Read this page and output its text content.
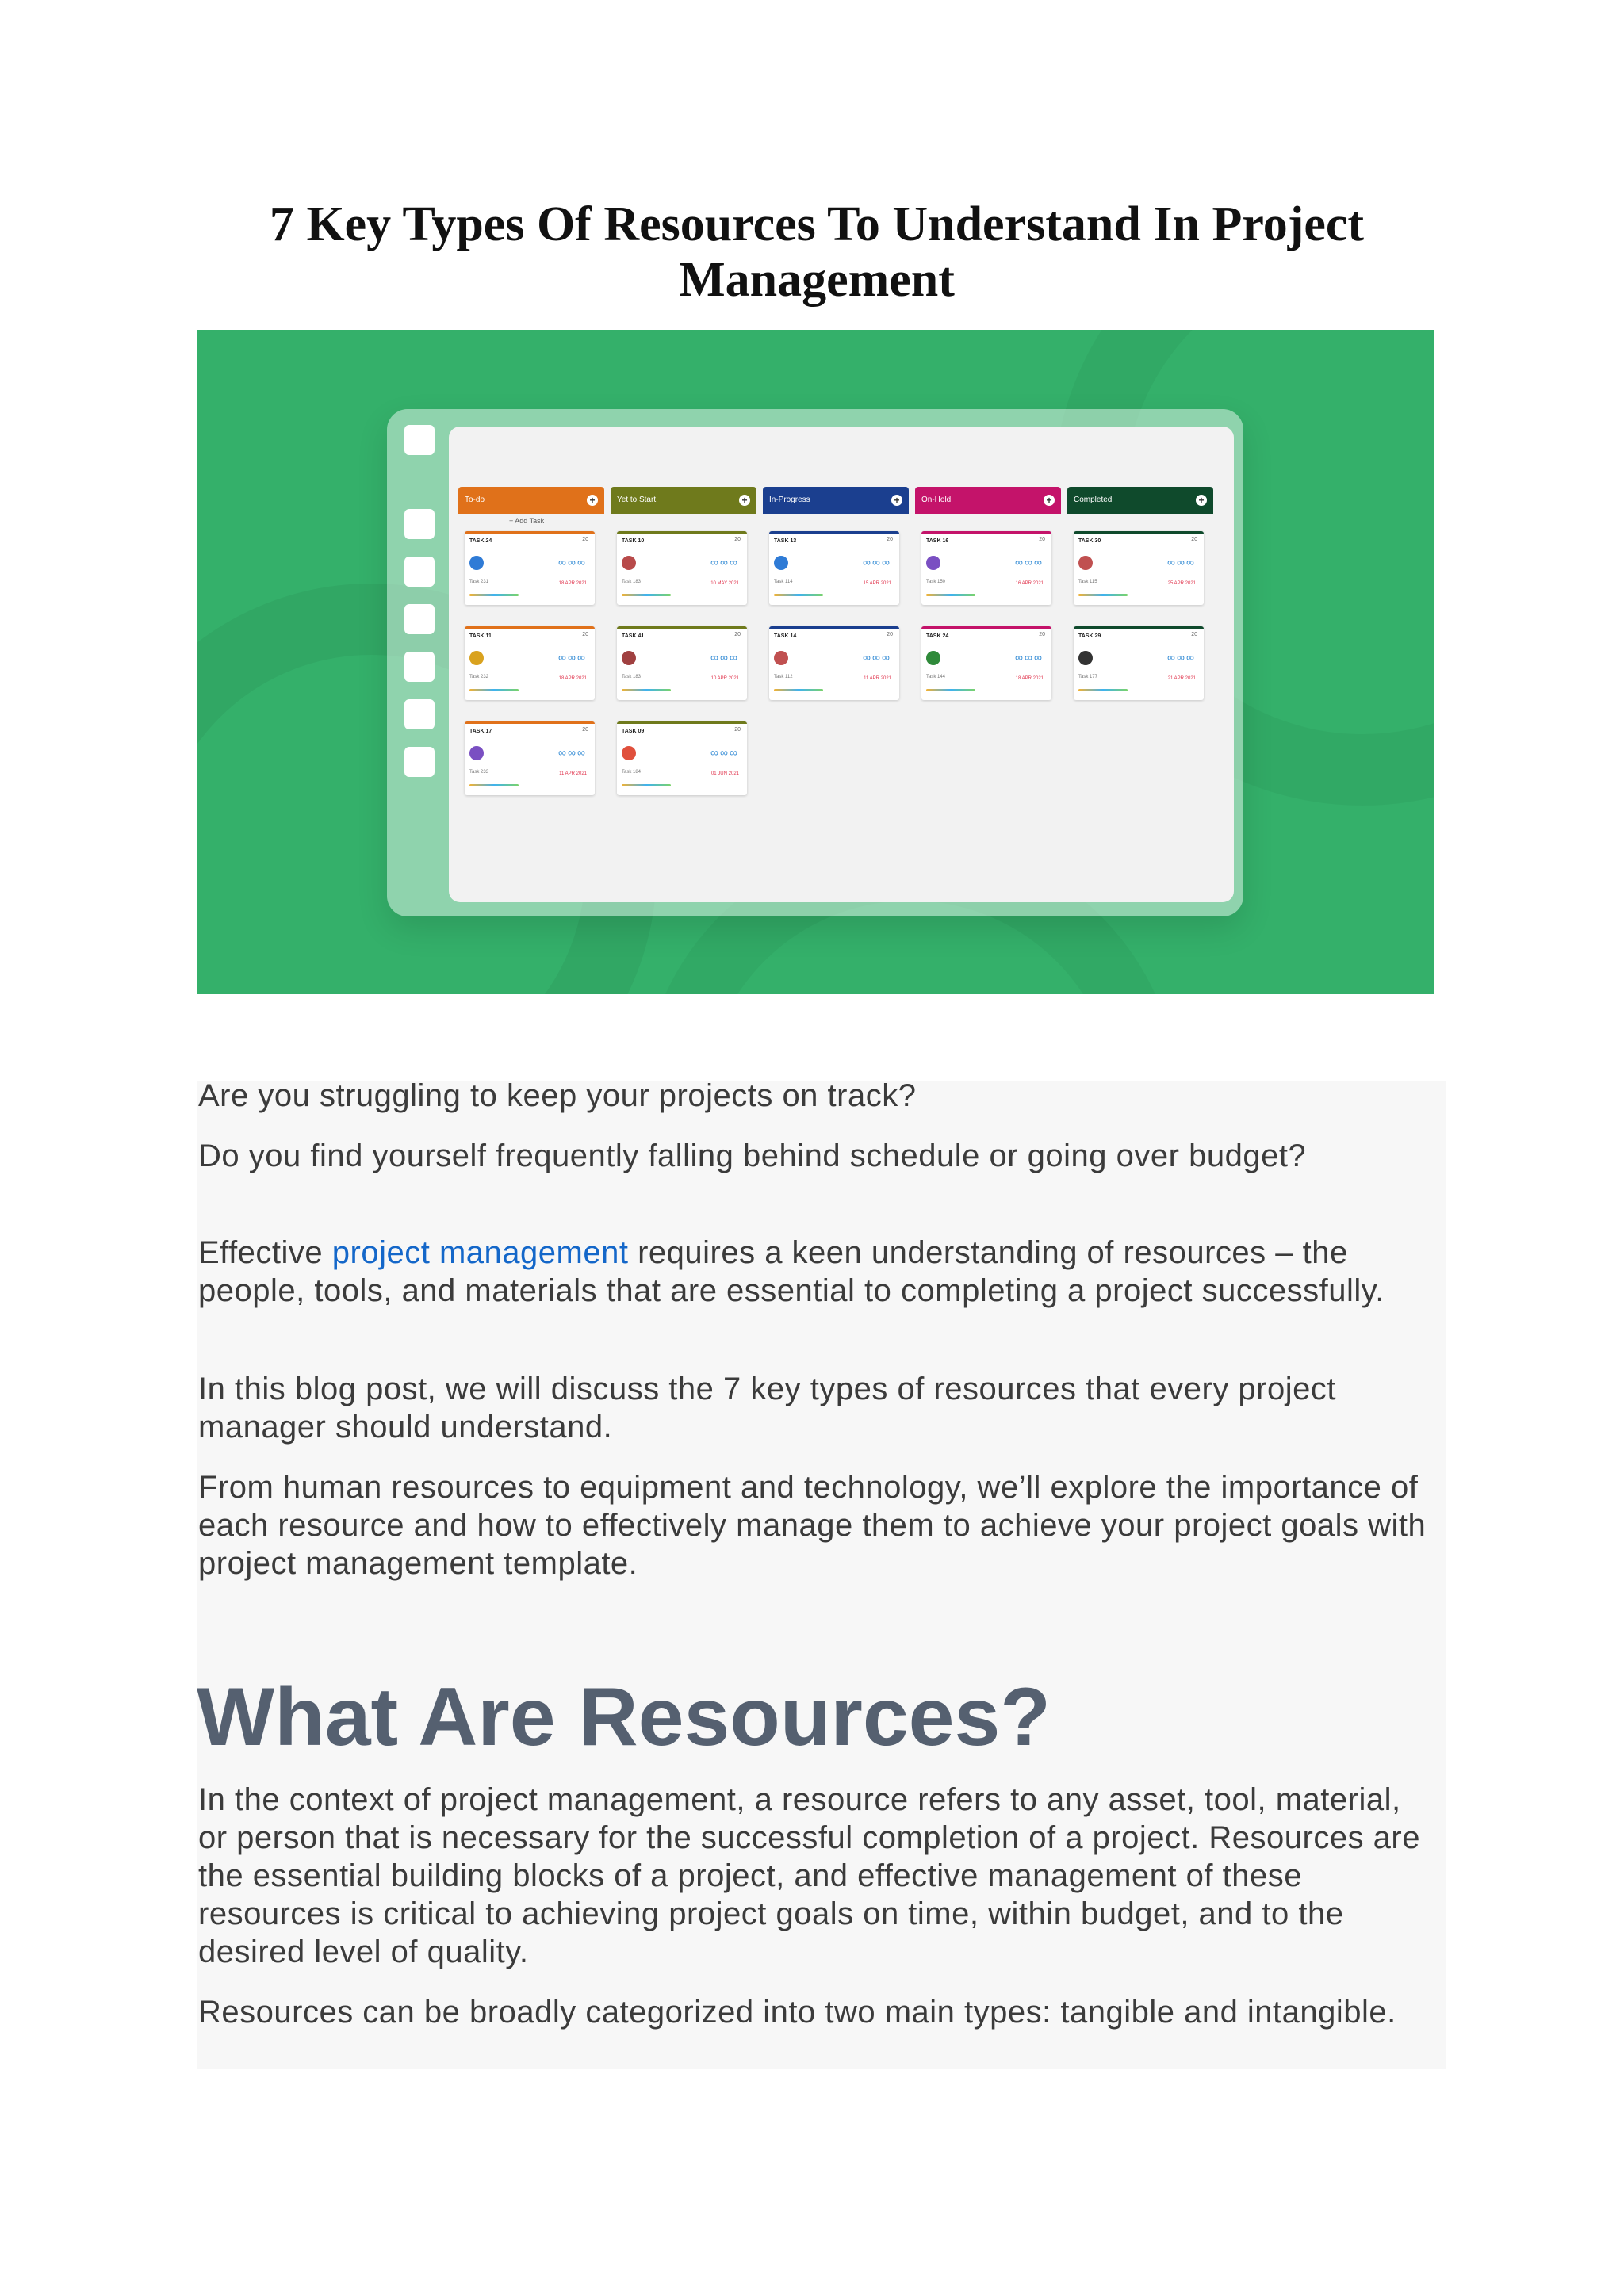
7 Key Types Of Resources To Understand In Project Management
To-do	+
+ Add Task
TASK 24	20
∞∞∞
Task 231	18 APR 2021
TASK 11	20
∞∞∞
Task 232	18 APR 2021
TASK 17	20
∞∞∞
Task 233	11 APR 2021
Yet to Start	+
TASK 10	20
∞∞∞
Task 183	10 MAY 2021
TASK 41	20
∞∞∞
Task 183	10 APR 2021
TASK 09	20
∞∞∞
Task 184	01 JUN 2021
In-Progress	+
TASK 13	20
∞∞∞
Task 114	15 APR 2021
TASK 14	20
∞∞∞
Task 112	11 APR 2021
On-Hold	+
TASK 16	20
∞∞∞
Task 150	16 APR 2021
TASK 24	20
∞∞∞
Task 144	18 APR 2021
Completed	+
TASK 30	20
∞∞∞
Task 115	25 APR 2021
TASK 29	20
∞∞∞
Task 177	21 APR 2021

Are you struggling to keep your projects on track?

Do you find yourself frequently falling behind schedule or going over budget?

Effective project management requires a keen understanding of resources – the people, tools, and materials that are essential to completing a project successfully.

In this blog post, we will discuss the 7 key types of resources that every project manager should understand.

From human resources to equipment and technology, we’ll explore the importance of each resource and how to effectively manage them to achieve your project goals with project management template.

What Are Resources?

In the context of project management, a resource refers to any asset, tool, material, or person that is necessary for the successful completion of a project. Resources are the essential building blocks of a project, and effective management of these resources is critical to achieving project goals on time, within budget, and to the desired level of quality.

Resources can be broadly categorized into two main types: tangible and intangible.
